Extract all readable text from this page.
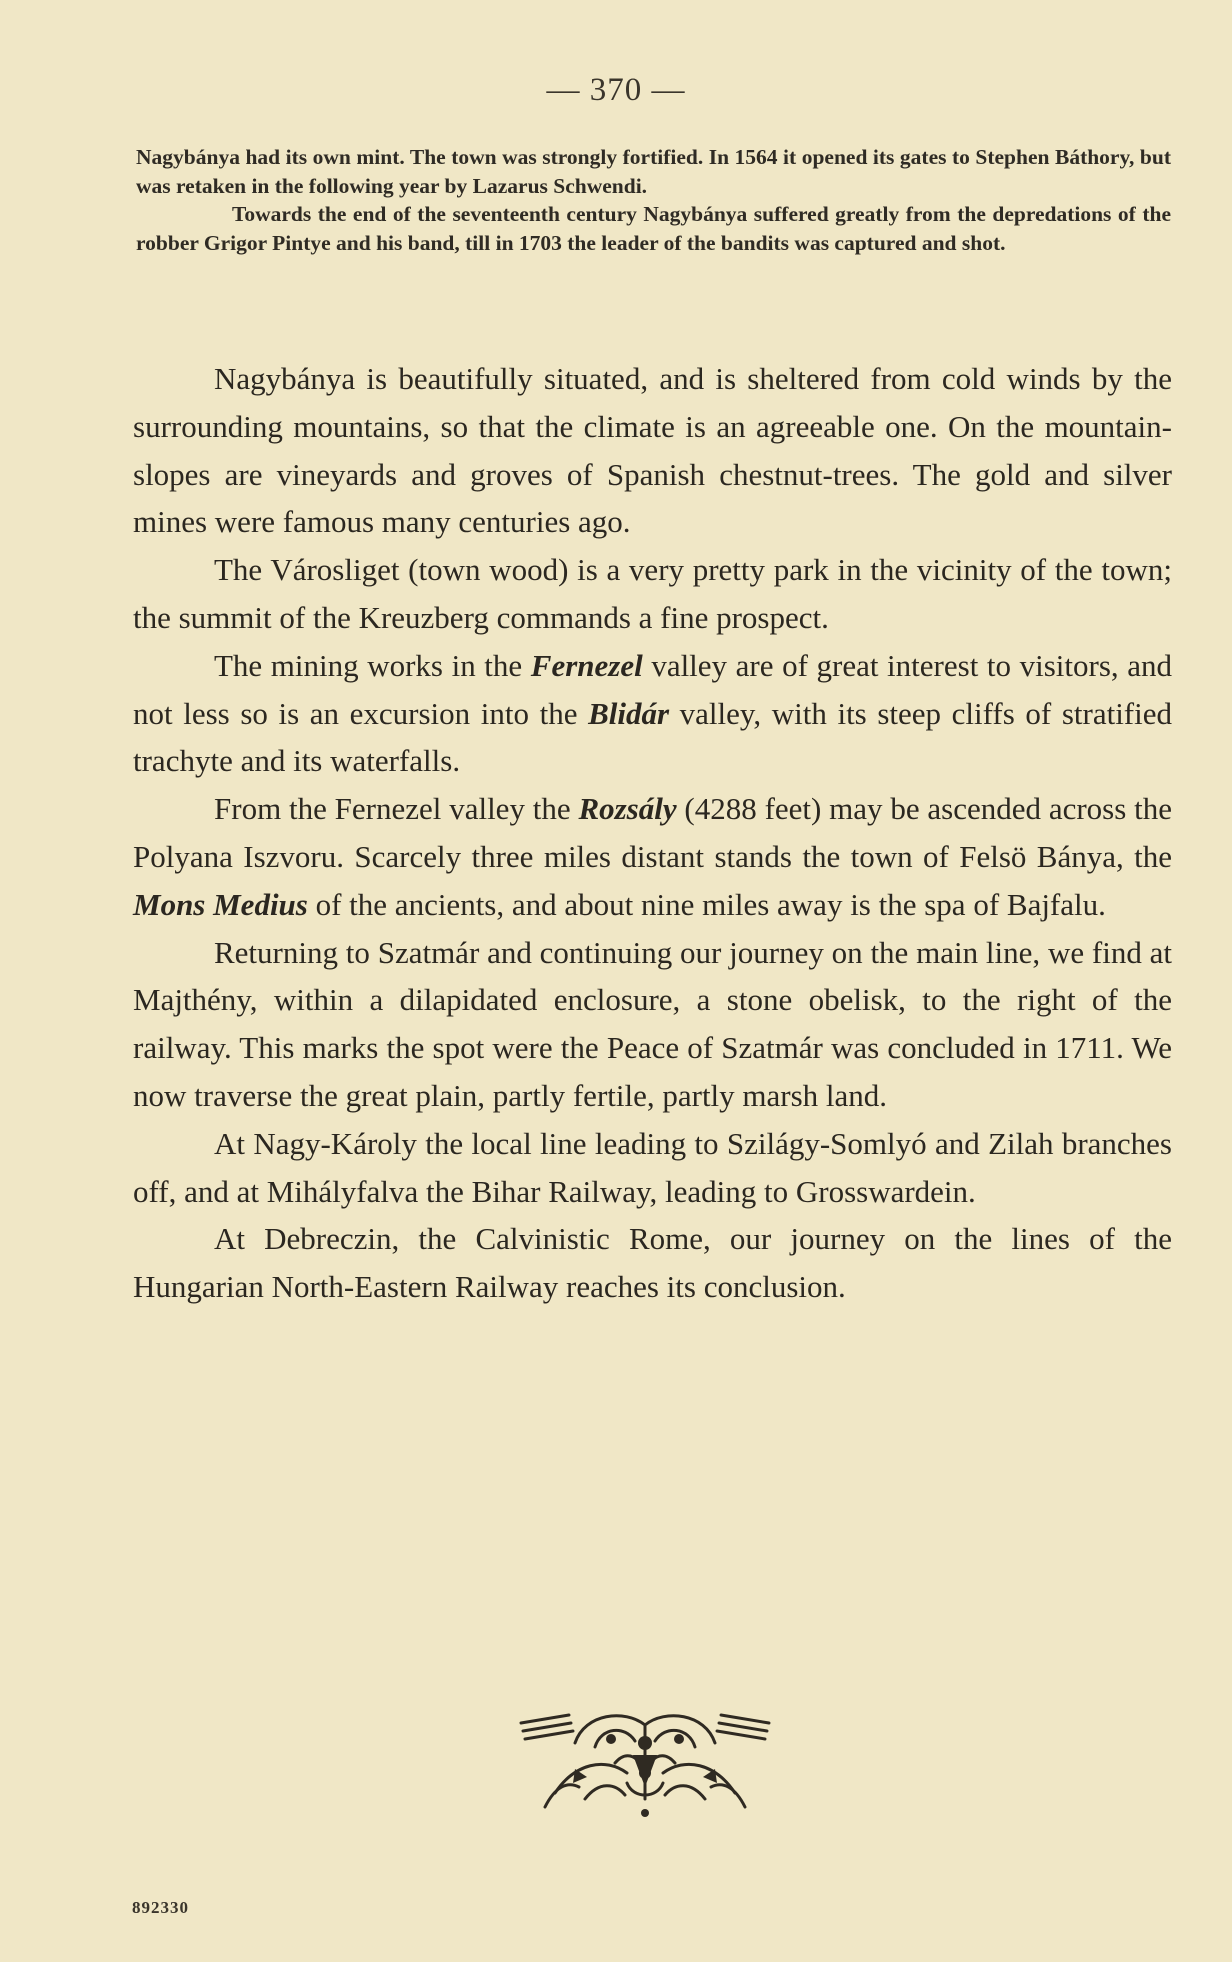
— 370 —

Nagybánya had its own mint. The town was strongly fortified. In 1564 it opened its gates to Stephen Báthory, but was retaken in the following year by Lazarus Schwendi.

Towards the end of the seventeenth century Nagybánya suffered greatly from the depredations of the robber Grigor Pintye and his band, till in 1703 the leader of the bandits was captured and shot.

Nagybánya is beautifully situated, and is sheltered from cold winds by the surrounding mountains, so that the climate is an agreeable one. On the mountain-slopes are vineyards and groves of Spanish chestnut-trees. The gold and silver mines were famous many centuries ago.

The Városliget (town wood) is a very pretty park in the vicinity of the town; the summit of the Kreuzberg commands a fine prospect.

The mining works in the Fernezel valley are of great interest to visitors, and not less so is an excursion into the Blidár valley, with its steep cliffs of stratified trachyte and its waterfalls.

From the Fernezel valley the Rozsály (4288 feet) may be ascended across the Polyana Iszvoru. Scarcely three miles distant stands the town of Felsö Bánya, the Mons Medius of the ancients, and about nine miles away is the spa of Bajfalu.

Returning to Szatmár and continuing our journey on the main line, we find at Majthény, within a dilapidated enclosure, a stone obelisk, to the right of the railway. This marks the spot were the Peace of Szatmár was concluded in 1711. We now traverse the great plain, partly fertile, partly marsh land.

At Nagy-Károly the local line leading to Szilágy-Somlyó and Zilah branches off, and at Mihályfalva the Bihar Railway, leading to Grosswardein.

At Debreczin, the Calvinistic Rome, our journey on the lines of the Hungarian North-Eastern Railway reaches its conclusion.

892330
